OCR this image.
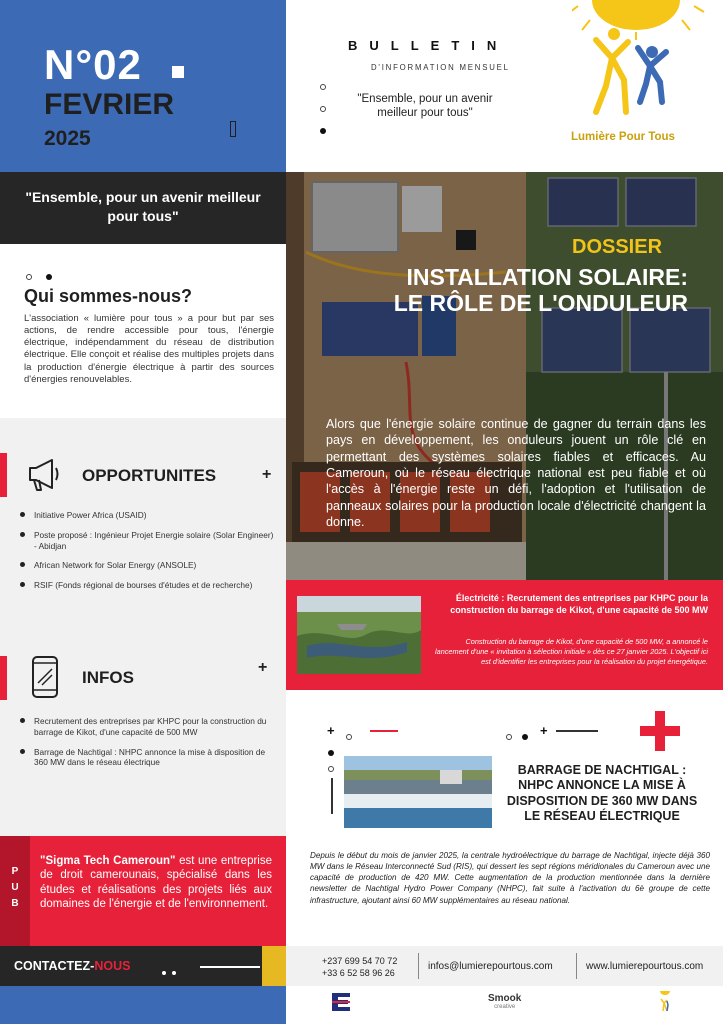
N°02
FEVRIER
2025
"Ensemble, pour un avenir meilleur pour tous"
Qui sommes-nous?
L'association « lumière pour tous » a pour but par ses actions, de rendre accessible pour tous, l'énergie électrique, indépendamment du réseau de distribution électrique. Elle conçoit et réalise des multiples projets dans la production d'énergie électrique à partir des sources d'énergies renouvelables.
OPPORTUNITES	+
Initiative Power Africa (USAID)
Poste proposé : Ingénieur Projet Energie solaire (Solar Engineer) - Abidjan
African Network for Solar Energy (ANSOLE)
RSIF (Fonds régional de bourses d'études et de recherche)
INFOS
+
Recrutement des entreprises par KHPC pour la construction du barrage de Kikot, d'une capacité de 500 MW
Barrage de Nachtigal : NHPC annonce la mise à disposition de 360 MW dans le réseau électrique
P
U
B
"Sigma Tech Cameroun" est une entreprise de droit camerounais, spécialisé dans les études et réalisations des projets liés aux domaines de l'énergie et de l'environnement.
CONTACTEZ-NOUS
BULLETIN
D'INFORMATION MENSUEL
"Ensemble, pour un avenir meilleur pour tous"
Lumière Pour Tous
DOSSIER
INSTALLATION SOLAIRE:
LE RÔLE DE L'ONDULEUR
Alors que l'énergie solaire continue de gagner du terrain dans les pays en développement, les onduleurs jouent un rôle clé en permettant des systèmes solaires fiables et efficaces. Au Cameroun, où le réseau électrique national est peu fiable et où l'accès à l'énergie reste un défi, l'adoption et l'utilisation de panneaux solaires pour la production locale d'électricité changent la donne.
Électricité : Recrutement des entreprises par KHPC pour la construction du barrage de Kikot, d'une capacité de 500 MW
Construction du barrage de Kikot, d'une capacité de 500 MW, a annoncé le lancement d'une « invitation à sélection initiale » dès ce 27 janvier 2025. L'objectif ici est d'identifier les entreprises pour la réalisation du projet énergétique.
+	+
BARRAGE DE NACHTIGAL : NHPC ANNONCE LA MISE À DISPOSITION DE 360 MW DANS LE RÉSEAU ÉLECTRIQUE
Depuis le début du mois de janvier 2025, la centrale hydroélectrique du barrage de Nachtigal, injecte déjà 360 MW dans le Réseau Interconnecté Sud (RIS), qui dessert les sept régions méridionales du Cameroun avec une capacité de production de 420 MW. Cette augmentation de la production mentionnée dans la dernière newsletter de Nachtigal Hydro Power Company (NHPC), fait suite à l'activation du 6è groupe de cette infrastructure, ajoutant ainsi 60 MW supplémentaires au réseau national.
+237 699 54 70 72
+33 6 52 58 96 26
infos@lumierepourtous.com	www.lumierepourtous.com
Smook
creative
